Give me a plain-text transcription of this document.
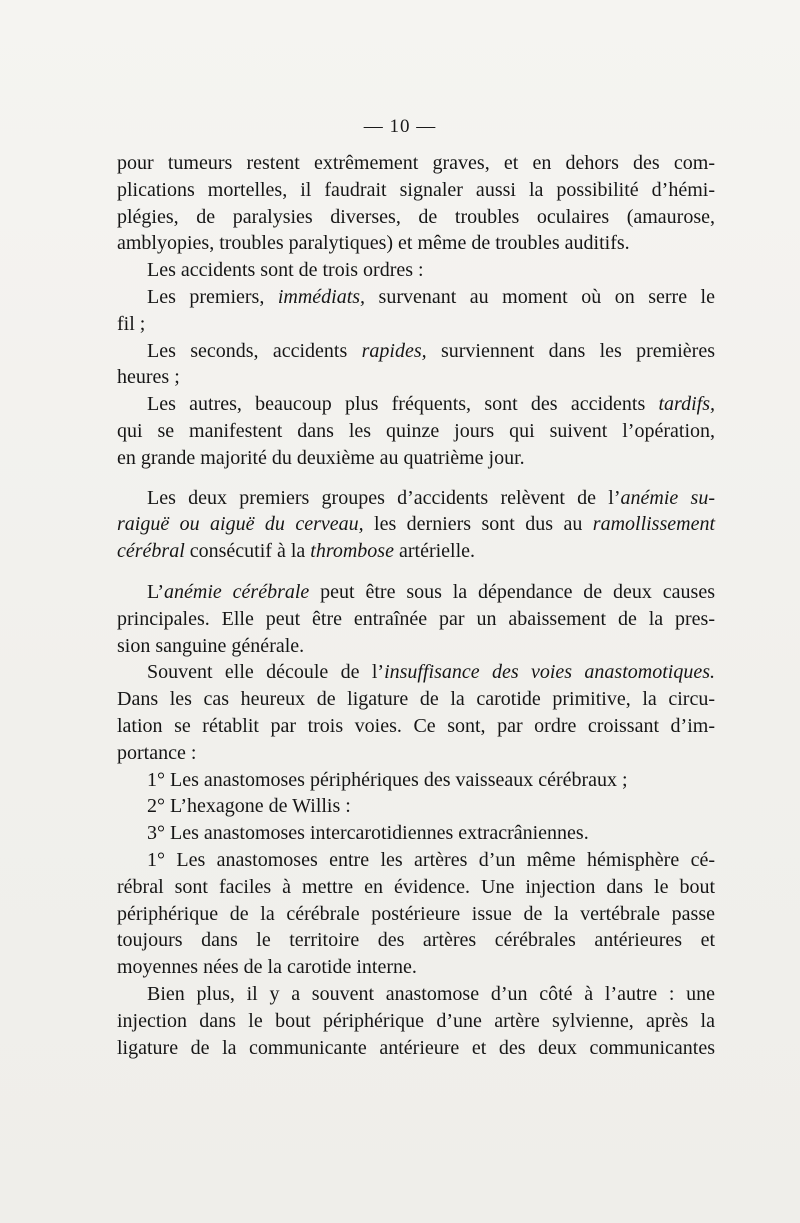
— 10 —
pour tumeurs restent extrêmement graves, et en dehors des com-
plications mortelles, il faudrait signaler aussi la possibilité d’hémi-
plégies, de paralysies diverses, de troubles oculaires (amaurose,
amblyopies, troubles paralytiques) et même de troubles auditifs.
Les accidents sont de trois ordres :
Les premiers, immédiats, survenant au moment où on serre le
fil ;
Les seconds, accidents rapides, surviennent dans les premières
heures ;
Les autres, beaucoup plus fréquents, sont des accidents tardifs,
qui se manifestent dans les quinze jours qui suivent l’opération,
en grande majorité du deuxième au quatrième jour.
Les deux premiers groupes d’accidents relèvent de l’anémie su-
raiguë ou aiguë du cerveau, les derniers sont dus au ramollissement
cérébral consécutif à la thrombose artérielle.
L’anémie cérébrale peut être sous la dépendance de deux causes
principales. Elle peut être entraînée par un abaissement de la pres-
sion sanguine générale.
Souvent elle découle de l’insuffisance des voies anastomotiques.
Dans les cas heureux de ligature de la carotide primitive, la circu-
lation se rétablit par trois voies. Ce sont, par ordre croissant d’im-
portance :
1° Les anastomoses périphériques des vaisseaux cérébraux ;
2° L’hexagone de Willis :
3° Les anastomoses intercarotidiennes extracrâniennes.
1° Les anastomoses entre les artères d’un même hémisphère cé-
rébral sont faciles à mettre en évidence. Une injection dans le bout
périphérique de la cérébrale postérieure issue de la vertébrale passe
toujours dans le territoire des artères cérébrales antérieures et
moyennes nées de la carotide interne.
Bien plus, il y a souvent anastomose d’un côté à l’autre : une
injection dans le bout périphérique d’une artère sylvienne, après la
ligature de la communicante antérieure et des deux communicantes
